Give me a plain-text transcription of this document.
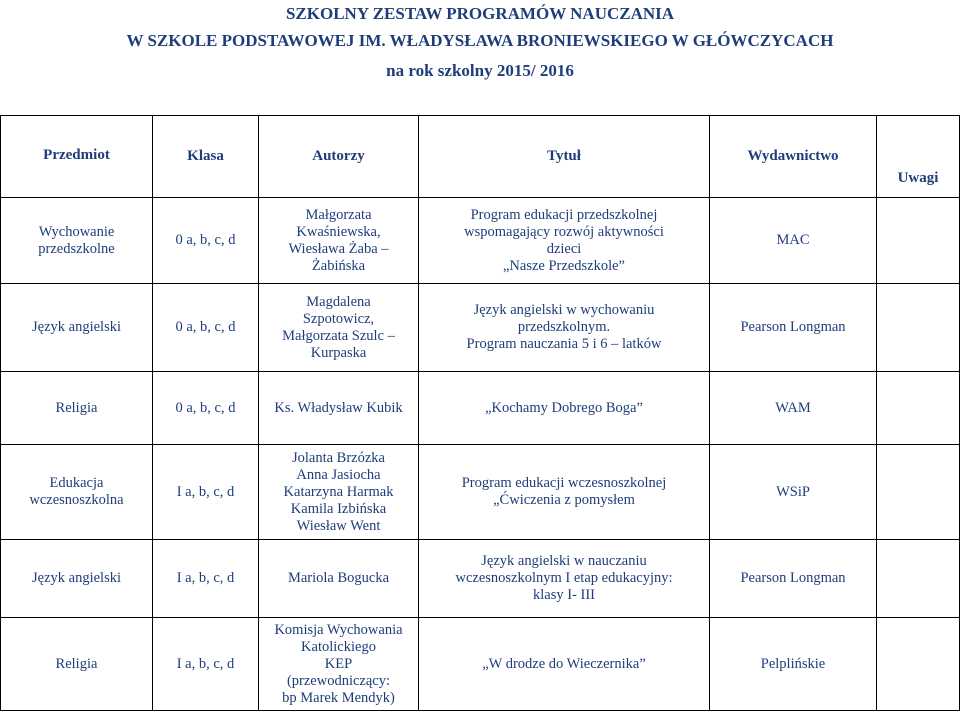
SZKOLNY ZESTAW PROGRAMÓW NAUCZANIA
W SZKOLE PODSTAWOWEJ IM. WŁADYSŁAWA BRONIEWSKIEGO W GŁÓWCZYCACH
na rok szkolny 2015/ 2016
Przedmiot	Klasa	Autorzy	Tytuł	Wydawnictwo	Uwagi

Wychowanie
przedszkolne	0 a, b, c, d	Małgorzata
Kwaśniewska,
Wiesława Żaba –
Żabińska	Program edukacji przedszkolnej
wspomagający rozwój aktywności
dzieci
„Nasze Przedszkole”	MAC	

Język angielski	0 a, b, c, d	Magdalena
Szpotowicz,
Małgorzata Szulc –
Kurpaska	Język angielski w wychowaniu
przedszkolnym.
Program nauczania 5 i 6 – latków	Pearson Longman	

Religia	0 a, b, c, d	Ks. Władysław Kubik	„Kochamy Dobrego Boga”	WAM	

Edukacja
wczesnoszkolna	I a, b, c, d	Jolanta Brzózka
Anna Jasiocha
Katarzyna Harmak
Kamila Izbińska
Wiesław Went	Program edukacji wczesnoszkolnej
„Ćwiczenia z pomysłem	WSiP	

Język angielski	I a, b, c, d	Mariola Bogucka	Język angielski w nauczaniu
wczesnoszkolnym I etap edukacyjny:
klasy I- III	Pearson Longman	

Religia	I a, b, c, d	Komisja Wychowania
Katolickiego
KEP
(przewodniczący:
bp Marek Mendyk)	„W drodze do Wieczernika”	Pelplińskie	
